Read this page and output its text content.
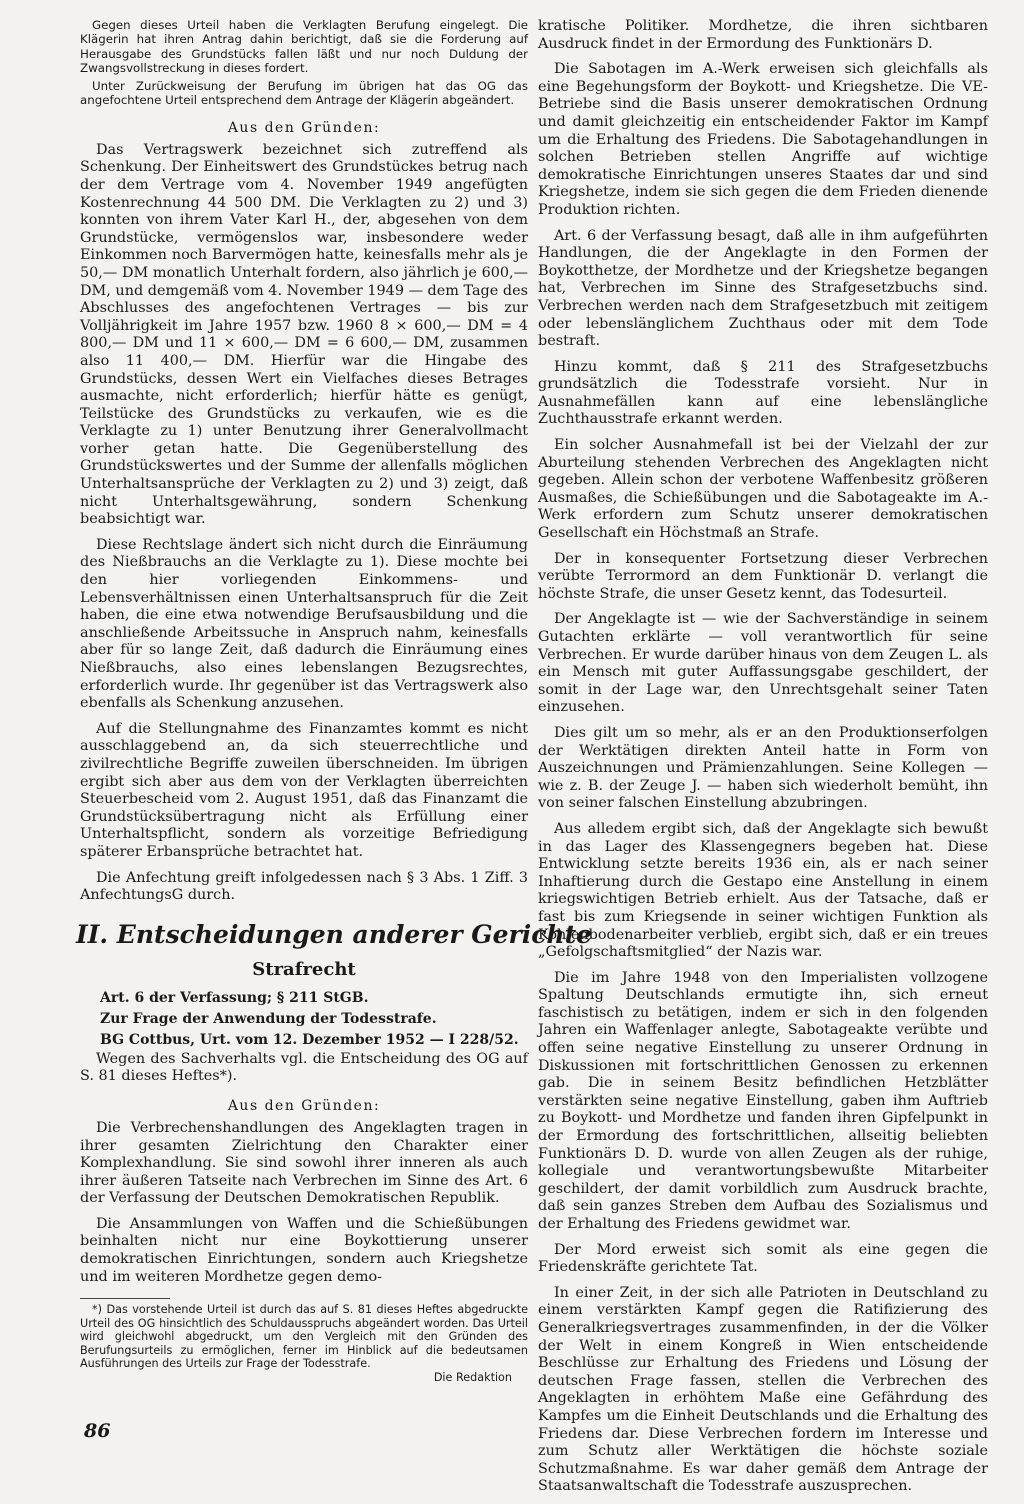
Gegen dieses Urteil haben die Verklagten Berufung eingelegt. Die Klägerin hat ihren Antrag dahin berichtigt, daß sie die Forderung auf Herausgabe des Grundstücks fallen läßt und nur noch Duldung der Zwangsvollstreckung in dieses fordert.

Unter Zurückweisung der Berufung im übrigen hat das OG das angefochtene Urteil entsprechend dem Antrage der Klägerin abgeändert.

Aus den Gründen:

Das Vertragswerk bezeichnet sich zutreffend als Schenkung. Der Einheitswert des Grundstückes betrug nach der dem Vertrage vom 4. November 1949 angefügten Kostenrechnung 44 500 DM. Die Verklagten zu 2) und 3) konnten von ihrem Vater Karl H., der, abgesehen von dem Grundstücke, vermögenslos war, insbesondere weder Einkommen noch Barvermögen hatte, keinesfalls mehr als je 50,— DM monatlich Unterhalt fordern, also jährlich je 600,— DM, und demgemäß vom 4. November 1949 — dem Tage des Abschlusses des angefochtenen Vertrages — bis zur Volljährigkeit im Jahre 1957 bzw. 1960 8 × 600,— DM = 4 800,— DM und 11 × 600,— DM = 6 600,— DM, zusammen also 11 400,— DM. Hierfür war die Hingabe des Grundstücks, dessen Wert ein Vielfaches dieses Betrages ausmachte, nicht erforderlich; hierfür hätte es genügt, Teilstücke des Grundstücks zu verkaufen, wie es die Verklagte zu 1) unter Benutzung ihrer Generalvollmacht vorher getan hatte. Die Gegenüberstellung des Grundstückswertes und der Summe der allenfalls möglichen Unterhaltsansprüche der Verklagten zu 2) und 3) zeigt, daß nicht Unterhaltsgewährung, sondern Schenkung beabsichtigt war.

Diese Rechtslage ändert sich nicht durch die Einräumung des Nießbrauchs an die Verklagte zu 1). Diese mochte bei den hier vorliegenden Einkommens- und Lebensverhältnissen einen Unterhaltsanspruch für die Zeit haben, die eine etwa notwendige Berufsausbildung und die anschließende Arbeitssuche in Anspruch nahm, keinesfalls aber für so lange Zeit, daß dadurch die Einräumung eines Nießbrauchs, also eines lebenslangen Bezugsrechtes, erforderlich wurde. Ihr gegenüber ist das Vertragswerk also ebenfalls als Schenkung anzusehen.

Auf die Stellungnahme des Finanzamtes kommt es nicht ausschlaggebend an, da sich steuerrechtliche und zivilrechtliche Begriffe zuweilen überschneiden. Im übrigen ergibt sich aber aus dem von der Verklagten überreichten Steuerbescheid vom 2. August 1951, daß das Finanzamt die Grundstücksübertragung nicht als Erfüllung einer Unterhaltspflicht, sondern als vorzeitige Befriedigung späterer Erbansprüche betrachtet hat.

Die Anfechtung greift infolgedessen nach § 3 Abs. 1 Ziff. 3 AnfechtungsG durch.

II. Entscheidungen anderer Gerichte
Strafrecht
Art. 6 der Verfassung; § 211 StGB.
Zur Frage der Anwendung der Todesstrafe.
BG Cottbus, Urt. vom 12. Dezember 1952 — I 228/52.

Wegen des Sachverhalts vgl. die Entscheidung des OG auf S. 81 dieses Heftes*).

Aus den Gründen:

Die Verbrechenshandlungen des Angeklagten tragen in ihrer gesamten Zielrichtung den Charakter einer Komplexhandlung. Sie sind sowohl ihrer inneren als auch ihrer äußeren Tatseite nach Verbrechen im Sinne des Art. 6 der Verfassung der Deutschen Demokratischen Republik.

Die Ansammlungen von Waffen und die Schießübungen beinhalten nicht nur eine Boykottierung unserer demokratischen Einrichtungen, sondern auch Kriegshetze und im weiteren Mordhetze gegen demo-

*) Das vorstehende Urteil ist durch das auf S. 81 dieses Heftes abgedruckte Urteil des OG hinsichtlich des Schuldausspruchs abgeändert worden. Das Urteil wird gleichwohl abgedruckt, um den Vergleich mit den Gründen des Berufungsurteils zu ermöglichen, ferner im Hinblick auf die bedeutsamen Ausführungen des Urteils zur Frage der Todesstrafe.

Die Redaktion

kratische Politiker. Mordhetze, die ihren sichtbaren Ausdruck findet in der Ermordung des Funktionärs D.

Die Sabotagen im A.-Werk erweisen sich gleichfalls als eine Begehungsform der Boykott- und Kriegshetze. Die VE-Betriebe sind die Basis unserer demokratischen Ordnung und damit gleichzeitig ein entscheidender Faktor im Kampf um die Erhaltung des Friedens. Die Sabotagehandlungen in solchen Betrieben stellen Angriffe auf wichtige demokratische Einrichtungen unseres Staates dar und sind Kriegshetze, indem sie sich gegen die dem Frieden dienende Produktion richten.

Art. 6 der Verfassung besagt, daß alle in ihm aufgeführten Handlungen, die der Angeklagte in den Formen der Boykotthetze, der Mordhetze und der Kriegshetze begangen hat, Verbrechen im Sinne des Strafgesetzbuchs sind. Verbrechen werden nach dem Strafgesetzbuch mit zeitigem oder lebenslänglichem Zuchthaus oder mit dem Tode bestraft.

Hinzu kommt, daß § 211 des Strafgesetzbuchs grundsätzlich die Todesstrafe vorsieht. Nur in Ausnahmefällen kann auf eine lebenslängliche Zuchthausstrafe erkannt werden.

Ein solcher Ausnahmefall ist bei der Vielzahl der zur Aburteilung stehenden Verbrechen des Angeklagten nicht gegeben. Allein schon der verbotene Waffenbesitz größeren Ausmaßes, die Schießübungen und die Sabotageakte im A.-Werk erfordern zum Schutz unserer demokratischen Gesellschaft ein Höchstmaß an Strafe.

Der in konsequenter Fortsetzung dieser Verbrechen verübte Terrormord an dem Funktionär D. verlangt die höchste Strafe, die unser Gesetz kennt, das Todesurteil.

Der Angeklagte ist — wie der Sachverständige in seinem Gutachten erklärte — voll verantwortlich für seine Verbrechen. Er wurde darüber hinaus von dem Zeugen L. als ein Mensch mit guter Auffassungsgabe geschildert, der somit in der Lage war, den Unrechtsgehalt seiner Taten einzusehen.

Dies gilt um so mehr, als er an den Produktionserfolgen der Werktätigen direkten Anteil hatte in Form von Auszeichnungen und Prämienzahlungen. Seine Kollegen — wie z. B. der Zeuge J. — haben sich wiederholt bemüht, ihn von seiner falschen Einstellung abzubringen.

Aus alledem ergibt sich, daß der Angeklagte sich bewußt in das Lager des Klassengegners begeben hat. Diese Entwicklung setzte bereits 1936 ein, als er nach seiner Inhaftierung durch die Gestapo eine Anstellung in einem kriegswichtigen Betrieb erhielt. Aus der Tatsache, daß er fast bis zum Kriegsende in seiner wichtigen Funktion als Kohlenbodenarbeiter verblieb, ergibt sich, daß er ein treues „Gefolgschaftsmitglied“ der Nazis war.

Die im Jahre 1948 von den Imperialisten vollzogene Spaltung Deutschlands ermutigte ihn, sich erneut faschistisch zu betätigen, indem er sich in den folgenden Jahren ein Waffenlager anlegte, Sabotageakte verübte und offen seine negative Einstellung zu unserer Ordnung in Diskussionen mit fortschrittlichen Genossen zu erkennen gab. Die in seinem Besitz befindlichen Hetzblätter verstärkten seine negative Einstellung, gaben ihm Auftrieb zu Boykott- und Mordhetze und fanden ihren Gipfelpunkt in der Ermordung des fortschrittlichen, allseitig beliebten Funktionärs D. D. wurde von allen Zeugen als der ruhige, kollegiale und verantwortungsbewußte Mitarbeiter geschildert, der damit vorbildlich zum Ausdruck brachte, daß sein ganzes Streben dem Aufbau des Sozialismus und der Erhaltung des Friedens gewidmet war.

Der Mord erweist sich somit als eine gegen die Friedenskräfte gerichtete Tat.

In einer Zeit, in der sich alle Patrioten in Deutschland zu einem verstärkten Kampf gegen die Ratifizierung des Generalkriegsvertrages zusammenfinden, in der die Völker der Welt in einem Kongreß in Wien entscheidende Beschlüsse zur Erhaltung des Friedens und Lösung der deutschen Frage fassen, stellen die Verbrechen des Angeklagten in erhöhtem Maße eine Gefährdung des Kampfes um die Einheit Deutschlands und die Erhaltung des Friedens dar. Diese Verbrechen fordern im Interesse und zum Schutz aller Werktätigen die höchste soziale Schutzmaßnahme. Es war daher gemäß dem Antrage der Staatsanwaltschaft die Todesstrafe auszusprechen.

86
